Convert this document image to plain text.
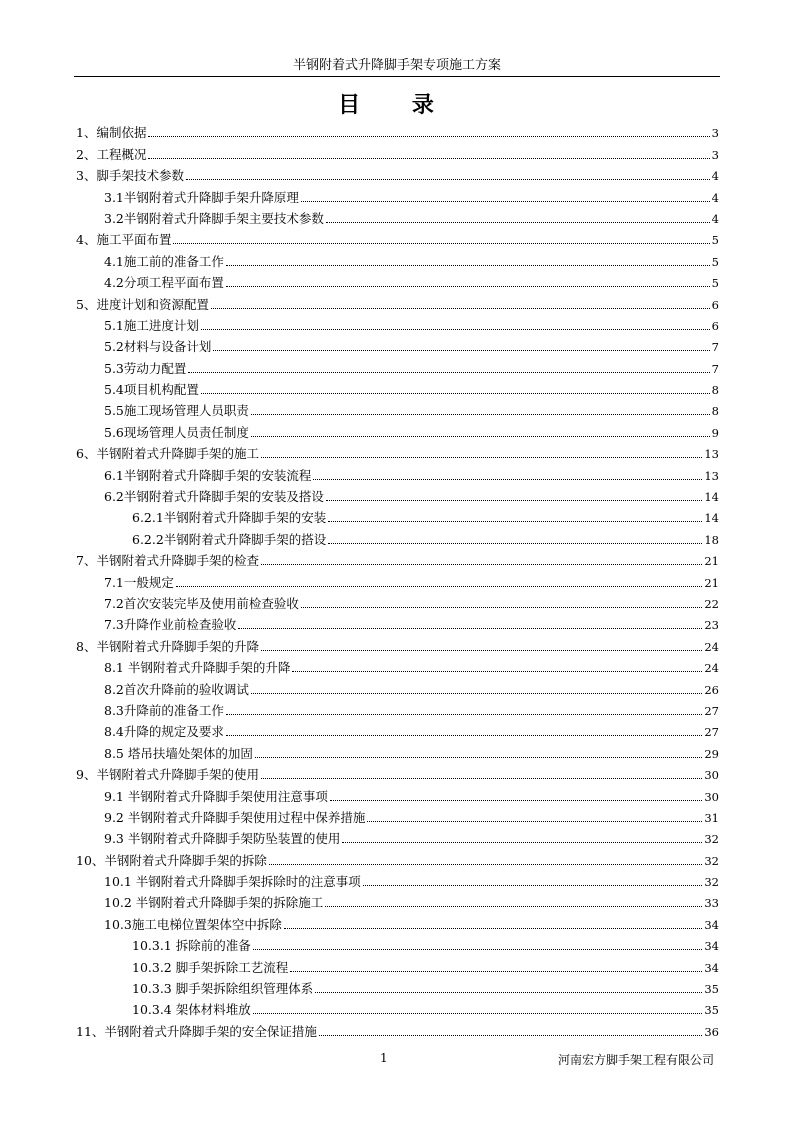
半钢附着式升降脚手架专项施工方案
目 录
1、编制依据	3
2、工程概况	3
3、脚手架技术参数	4
3.1半钢附着式升降脚手架升降原理	4
3.2半钢附着式升降脚手架主要技术参数	4
4、施工平面布置	5
4.1施工前的准备工作	5
4.2分项工程平面布置	5
5、进度计划和资源配置	6
5.1施工进度计划	6
5.2材料与设备计划	7
5.3劳动力配置	7
5.4项目机构配置	8
5.5施工现场管理人员职责	8
5.6现场管理人员责任制度	9
6、半钢附着式升降脚手架的施工	13
6.1半钢附着式升降脚手架的安装流程	13
6.2半钢附着式升降脚手架的安装及搭设	14
6.2.1半钢附着式升降脚手架的安装	14
6.2.2半钢附着式升降脚手架的搭设	18
7、半钢附着式升降脚手架的检查	21
7.1一般规定	21
7.2首次安装完毕及使用前检查验收	22
7.3升降作业前检查验收	23
8、半钢附着式升降脚手架的升降	24
8.1 半钢附着式升降脚手架的升降	24
8.2首次升降前的验收调试	26
8.3升降前的准备工作	27
8.4升降的规定及要求	27
8.5 塔吊扶墙处架体的加固	29
9、半钢附着式升降脚手架的使用	30
9.1 半钢附着式升降脚手架使用注意事项	30
9.2 半钢附着式升降脚手架使用过程中保养措施	31
9.3 半钢附着式升降脚手架防坠装置的使用	32
10、半钢附着式升降脚手架的拆除	32
10.1 半钢附着式升降脚手架拆除时的注意事项	32
10.2 半钢附着式升降脚手架的拆除施工	33
10.3施工电梯位置架体空中拆除	34
10.3.1 拆除前的准备	34
10.3.2 脚手架拆除工艺流程	34
10.3.3 脚手架拆除组织管理体系	35
10.3.4 架体材料堆放	35
11、半钢附着式升降脚手架的安全保证措施	36
1	河南宏方脚手架工程有限公司
